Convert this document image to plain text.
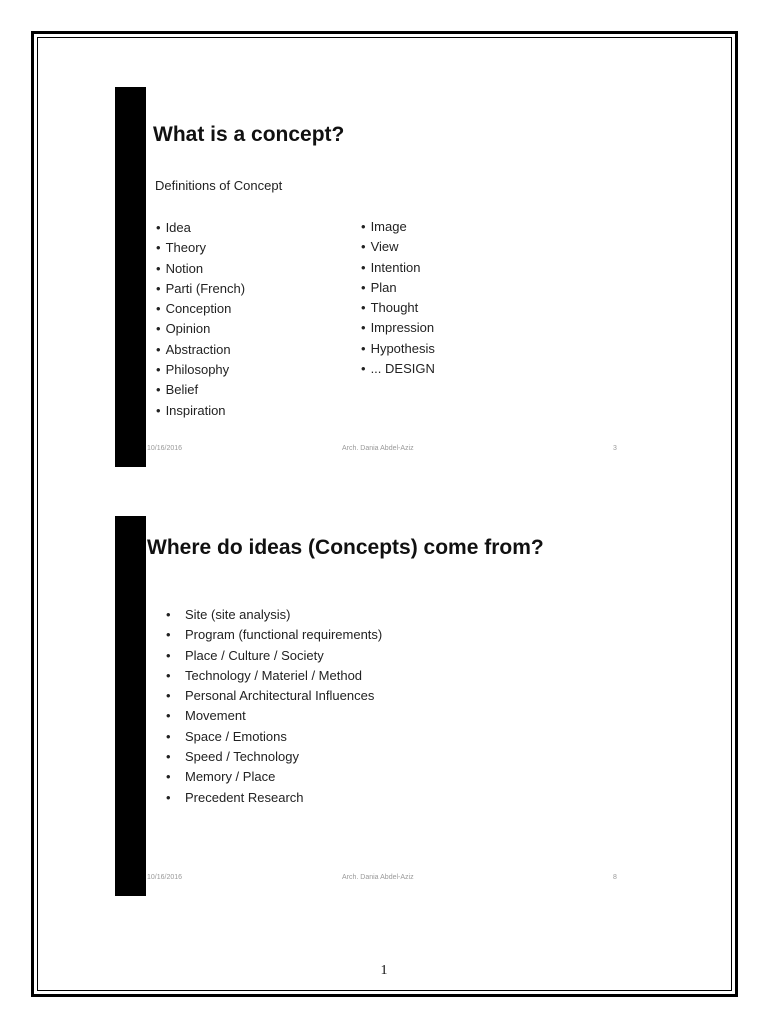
What is a concept?
Definitions of Concept
• Idea
• Theory
• Notion
• Parti (French)
• Conception
• Opinion
• Abstraction
• Philosophy
• Belief
• Inspiration
• Image
• View
• Intention
• Plan
• Thought
• Impression
• Hypothesis
• ... DESIGN
10/16/2016	Arch. Dania Abdel-Aziz	3
Where do ideas (Concepts) come from?
• Site (site analysis)
• Program (functional requirements)
• Place / Culture / Society
• Technology / Materiel / Method
• Personal Architectural Influences
• Movement
• Space / Emotions
• Speed / Technology
• Memory / Place
• Precedent Research
10/16/2016	Arch. Dania Abdel-Aziz	8
1
